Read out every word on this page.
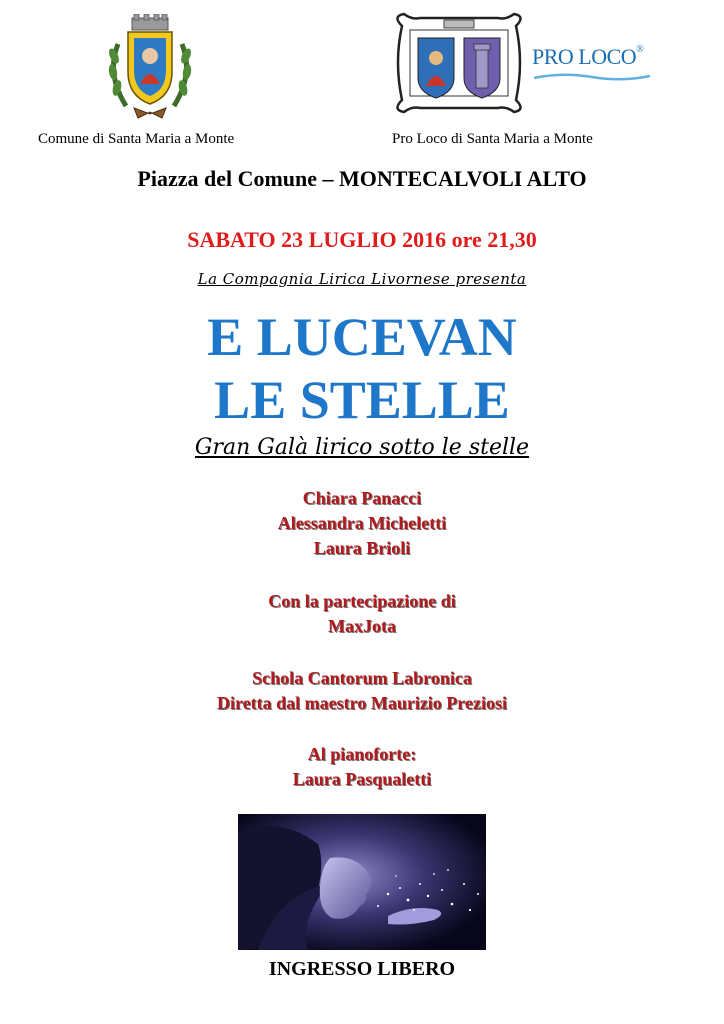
PRO LOCO®
Comune di Santa Maria a Monte	Pro Loco di Santa Maria a Monte
Piazza del Comune – MONTECALVOLI ALTO
SABATO 23 LUGLIO 2016 ore 21,30
La Compagnia Lirica Livornese presenta
E LUCEVAN
LE STELLE
Gran Galà lirico sotto le stelle
Chiara Panacci
Alessandra Micheletti
Laura Brioli
Con la partecipazione di
MaxJota
Schola Cantorum Labronica
Diretta dal maestro Maurizio Preziosi
Al pianoforte:
Laura Pasqualetti
INGRESSO LIBERO
